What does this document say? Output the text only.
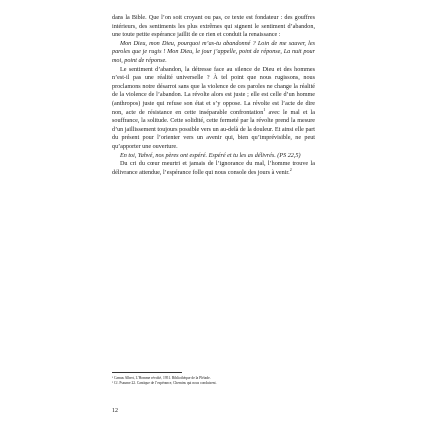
dans la Bible. Que l’on soit croyant ou pas, ce texte est fondateur : des gouffres intérieurs, des sentiments les plus extrêmes qui signent le sentiment d’abandon, une toute petite espérance jaillit de ce rien et conduit la renaissance :

Mon Dieu, mon Dieu, pourquoi m’as-tu abandonné ? Loin de me sauver, les paroles que je rugis ! Mon Dieu, le jour j’appelle, point de réponse, La nuit pour moi, point de réponse.

Le sentiment d’abandon, la détresse face au silence de Dieu et des hommes n’est-il pas une réalité universelle ? À tel point que nous rugissons, nous proclamons notre désarroi sans que la violence de ces paroles ne change la réalité de la violence de l’abandon. La révolte alors est juste ; elle est celle d’un homme (anthropos) juste qui refuse son état et s’y oppose. La révolte est l’acte de dire non, acte de résistance en cette inséparable confrontation$^1$ avec le mal et la souffrance, la solitude. Cette solidité, cette fermeté par la révolte prend la mesure d’un jaillissement toujours possible vers un au-delà de la douleur. Et ainsi elle part du présent pour l’orienter vers un avenir qui, bien qu’imprévisible, ne peut qu’apporter une ouverture.

En toi, Yahvé, nos pères ont espéré. Espéré et tu les as délivrés. (PS 22,5)

Du cri du cœur meurtri et jamais de l’ignorance du mal, l’homme trouve la délivrance attendue, l’espérance folle qui nous console des jours à venir.$^2$

¹ Camus Albert, L’Homme révolté, 1951. Bibliothèque de la Pléiade.

² Cf. Psaume 22. Cantique de l’espérance, Chemins qui nous conduisent.

12
